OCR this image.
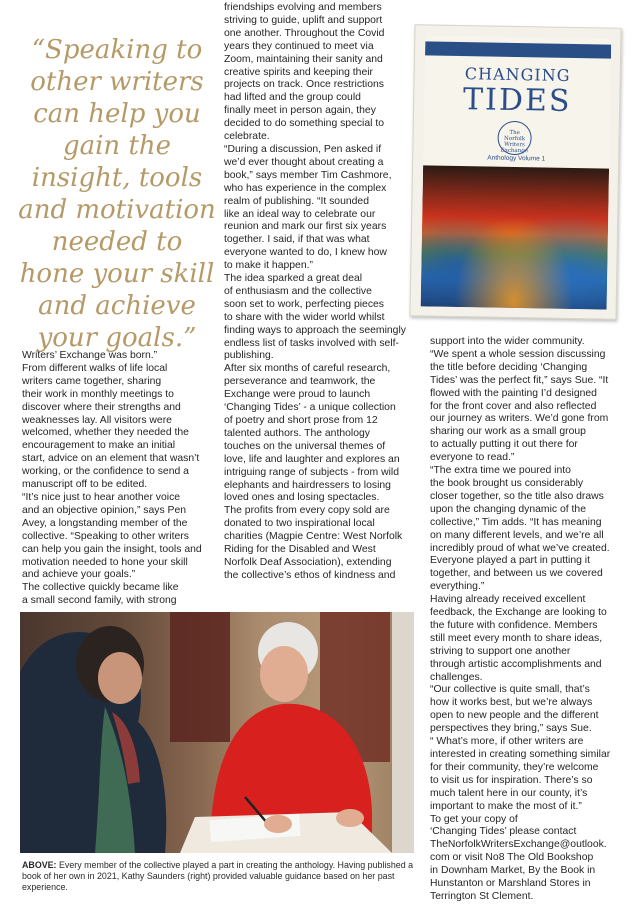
“Speaking to other writers can help you gain the insight, tools and motivation needed to hone your skill and achieve your goals.”

Writers’ Exchange was born.”

From different walks of life local
writers came together, sharing
their work in monthly meetings to
discover where their strengths and
weaknesses lay. All visitors were
welcomed, whether they needed the
encouragement to make an initial
start, advice on an element that wasn’t
working, or the confidence to send a
manuscript off to be edited.

“It’s nice just to hear another voice
and an objective opinion,” says Pen
Avey, a longstanding member of the
collective. “Speaking to other writers
can help you gain the insight, tools and
motivation needed to hone your skill
and achieve your goals.”

The collective quickly became like
a small second family, with strong

friendships evolving and members
striving to guide, uplift and support
one another. Throughout the Covid
years they continued to meet via
Zoom, maintaining their sanity and
creative spirits and keeping their
projects on track. Once restrictions
had lifted and the group could
finally meet in person again, they
decided to do something special to
celebrate.

“During a discussion, Pen asked if
we’d ever thought about creating a
book,” says member Tim Cashmore,
who has experience in the complex
realm of publishing. “It sounded
like an ideal way to celebrate our
reunion and mark our first six years
together. I said, if that was what
everyone wanted to do, I knew how
to make it happen.”

The idea sparked a great deal
of enthusiasm and the collective
soon set to work, perfecting pieces
to share with the wider world whilst
finding ways to approach the seemingly
endless list of tasks involved with self-
publishing.

After six months of careful research,
perseverance and teamwork, the
Exchange were proud to launch
‘Changing Tides’ - a unique collection
of poetry and short prose from 12
talented authors. The anthology
touches on the universal themes of
love, life and laughter and explores an
intriguing range of subjects - from wild
elephants and hairdressers to losing
loved ones and losing spectacles.
The profits from every copy sold are
donated to two inspirational local
charities (Magpie Centre: West Norfolk
Riding for the Disabled and West
Norfolk Deaf Association), extending
the collective’s ethos of kindness and

CHANGING
TIDES
The Norfolk Writers Exchange
Anthology Volume 1

support into the wider community.

“We spent a whole session discussing
the title before deciding ‘Changing
Tides’ was the perfect fit,” says Sue. “It
flowed with the painting I’d designed
for the front cover and also reflected
our journey as writers. We’d gone from
sharing our work as a small group
to actually putting it out there for
everyone to read.”

“The extra time we poured into
the book brought us considerably
closer together, so the title also draws
upon the changing dynamic of the
collective,” Tim adds. “It has meaning
on many different levels, and we’re all
incredibly proud of what we’ve created.
Everyone played a part in putting it
together, and between us we covered
everything.”

Having already received excellent
feedback, the Exchange are looking to
the future with confidence. Members
still meet every month to share ideas,
striving to support one another
through artistic accomplishments and
challenges.

“Our collective is quite small, that’s
how it works best, but we’re always
open to new people and the different
perspectives they bring,” says Sue.
“ What’s more, if other writers are
interested in creating something similar
for their community, they’re welcome
to visit us for inspiration. There’s so
much talent here in our county, it’s
important to make the most of it.”

To get your copy of
‘Changing Tides’ please contact
TheNorfolkWritersExchange@outlook.
com or visit No8 The Old Bookshop
in Downham Market, By the Book in
Hunstanton or Marshland Stores in
Terrington St Clement.

ABOVE: Every member of the collective played a part in creating the anthology. Having published a book of her own in 2021, Kathy Saunders (right) provided valuable guidance based on her past experience.
